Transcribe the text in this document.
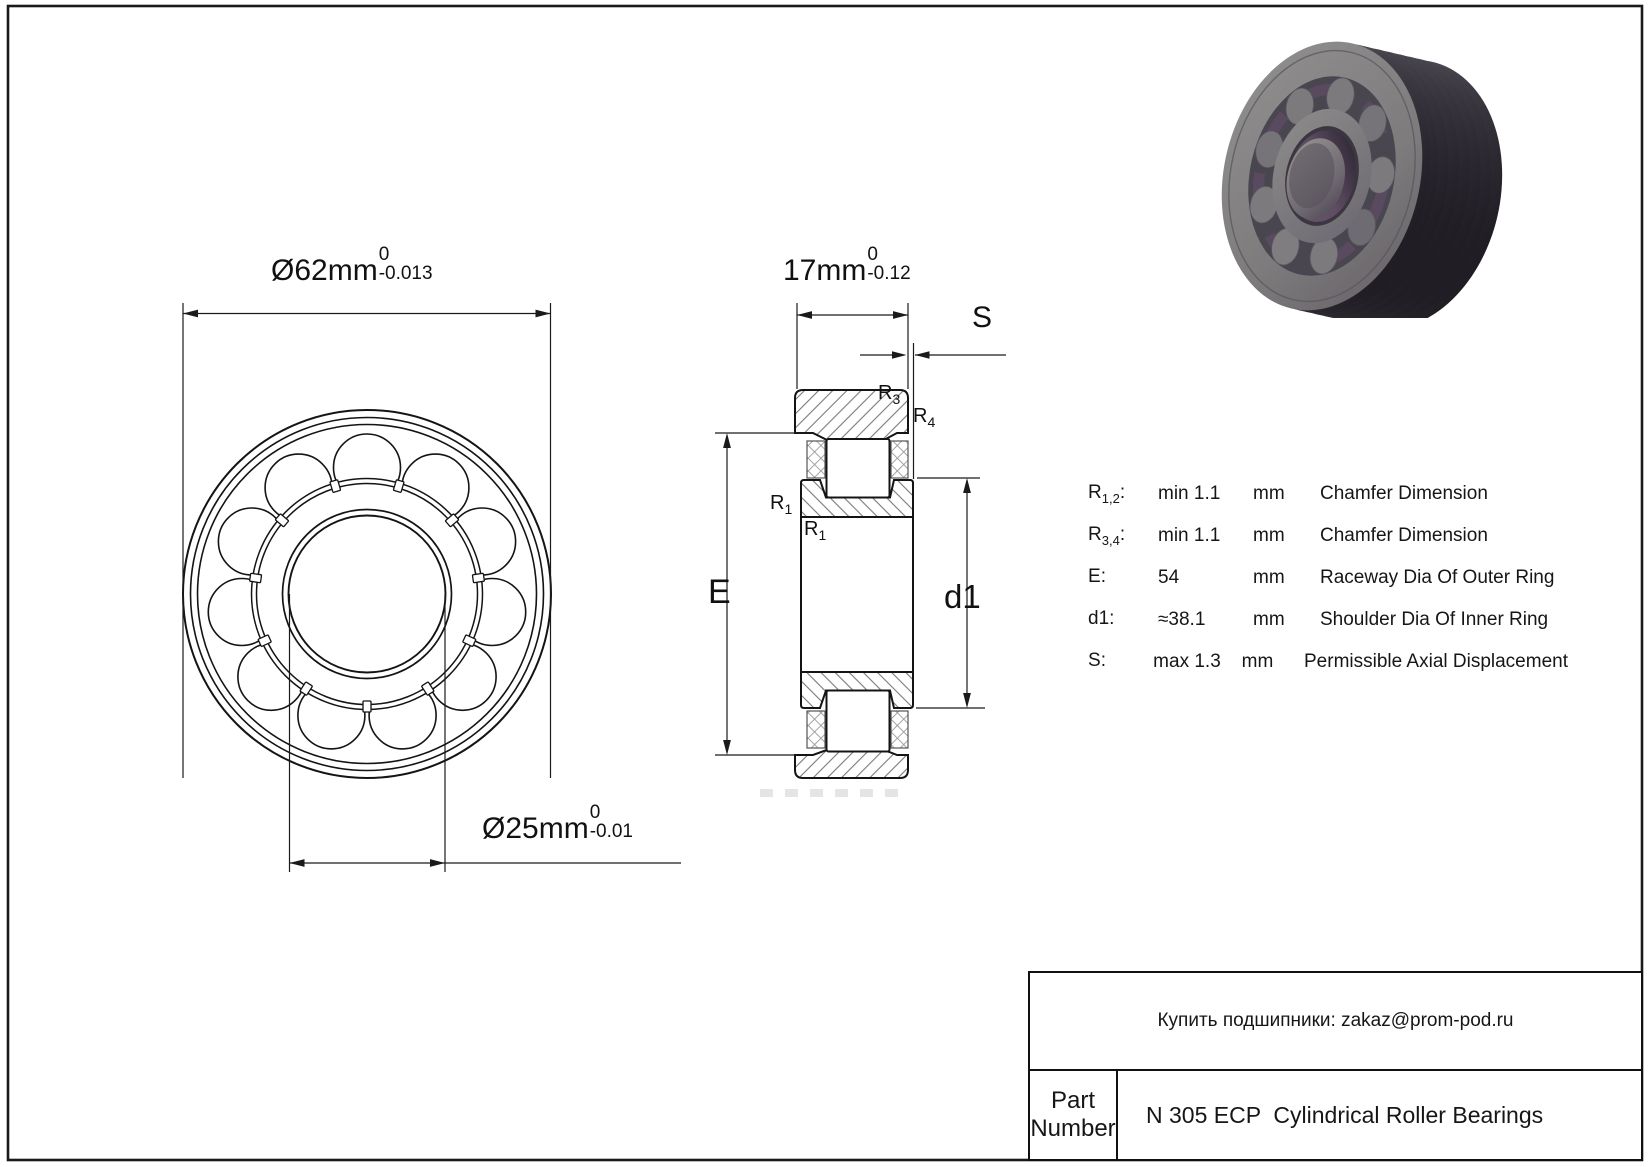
Ø62mm 0
-0.013
Ø25mm 0
-0.01
17mm 0
-0.12
S
E	d1
$R_3$
$R_4$
$R_1$
$R_1$
$R_{1,2}$:	min 1.1	mm	Chamfer Dimension
$R_{3,4}$:	min 1.1	mm	Chamfer Dimension
E:	54	mm	Raceway Dia Of Outer Ring
d1:	≈38.1	mm	Shoulder Dia Of Inner Ring
S:	max 1.3	mm	Permissible Axial Displacement
Купить подшипники: zakaz@prom-pod.ru
Part Number
N 305 ECP  Cylindrical Roller Bearings
